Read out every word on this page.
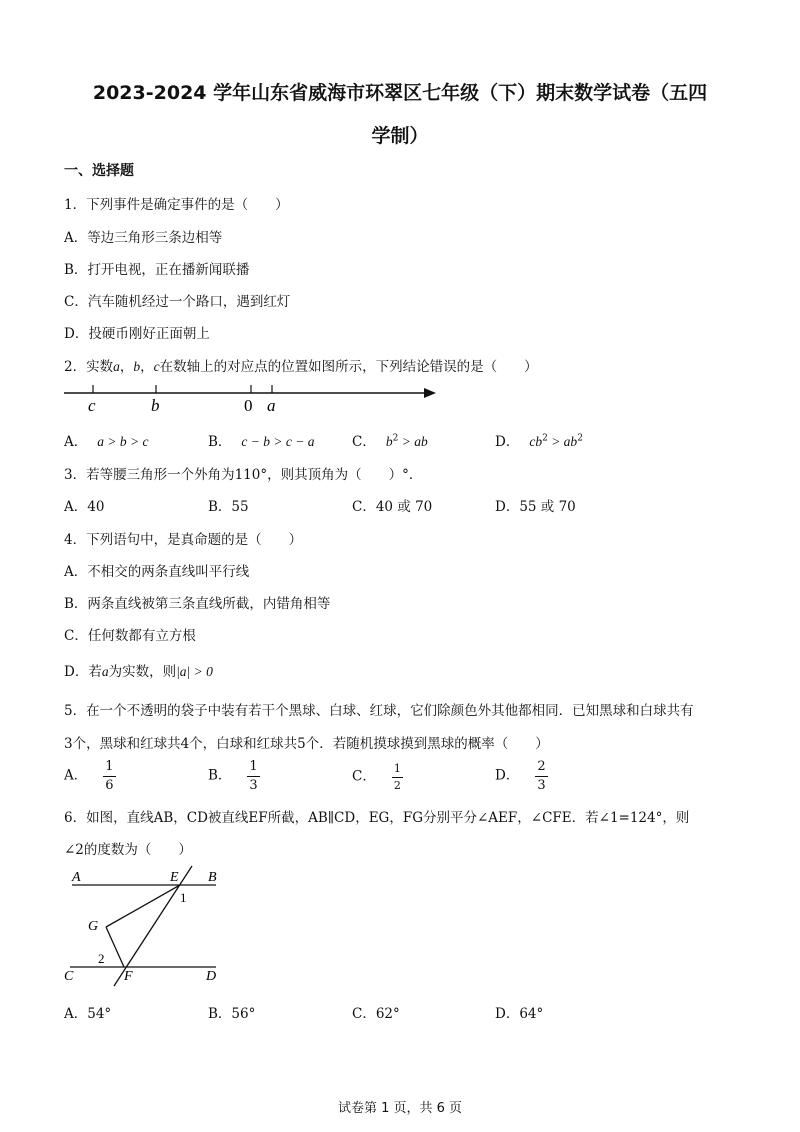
2023-2024 学年山东省威海市环翠区七年级（下）期末数学试卷（五四
学制）
一、选择题
1．下列事件是确定事件的是（　　）
A．等边三角形三条边相等
B．打开电视，正在播新闻联播
C．汽车随机经过一个路口，遇到红灯
D．投硬币刚好正面朝上
2．实数a，b，c在数轴上的对应点的位置如图所示，下列结论错误的是（　　）
c	b	0 a
A． a > b > c	B． c − b > c − a	C． $b^2$ > ab	D． $cb^2 > ab^2$
3．若等腰三角形一个外角为110°，则其顶角为（　　）°．
A．40	B．55	C．40 或 70	D．55 或 70
4．下列语句中，是真命题的是（　　）
A．不相交的两条直线叫平行线
B．两条直线被第三条直线所截，内错角相等
C．任何数都有立方根
D．若a为实数，则|a| > 0
5．在一个不透明的袋子中装有若干个黑球、白球、红球，它们除颜色外其他都相同．已知黑球和白球共有
3个，黑球和红球共4个，白球和红球共5个．若随机摸球摸到黑球的概率（　　）
A． $\frac{1}{6}$	B． $\frac{1}{3}$	C． $\frac{1}{2}$	D． $\frac{2}{3}$
6．如图，直线AB，CD被直线EF所截，AB∥CD，EG，FG分别平分∠AEF，∠CFE．若∠1=124°，则
∠2的度数为（　　）
A	E B
1
G
2
C	F	D
A．54°	B．56°	C．62°	D．64°
试卷第 1 页，共 6 页
